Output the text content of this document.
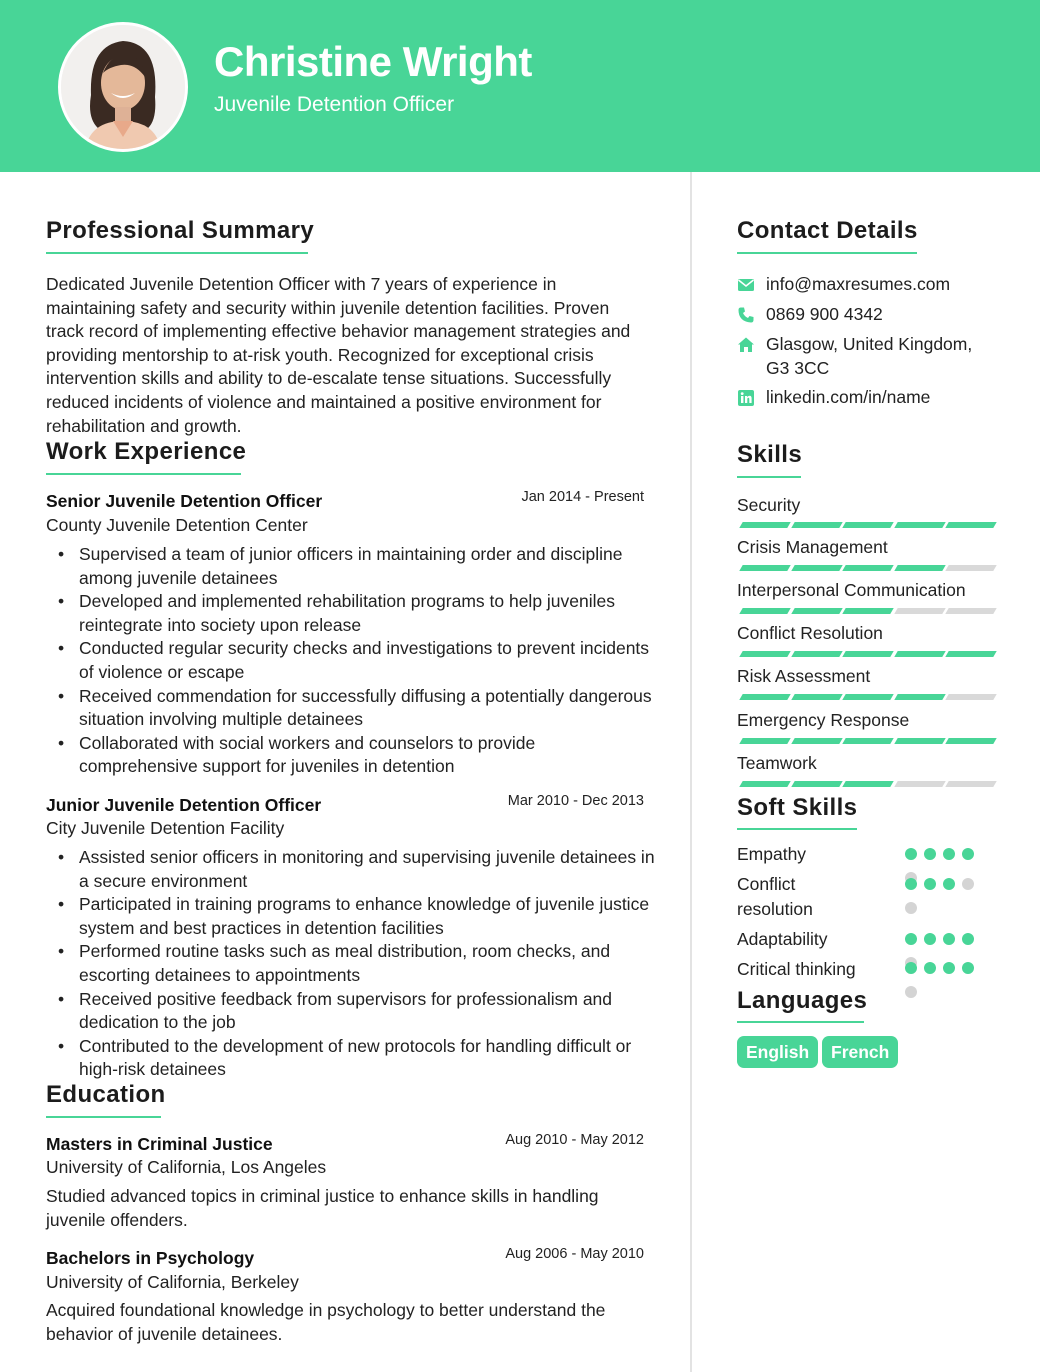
Christine Wright
Juvenile Detention Officer
Professional Summary
Dedicated Juvenile Detention Officer with 7 years of experience in maintaining safety and security within juvenile detention facilities. Proven track record of implementing effective behavior management strategies and providing mentorship to at-risk youth. Recognized for exceptional crisis intervention skills and ability to de-escalate tense situations. Successfully reduced incidents of violence and maintained a positive environment for rehabilitation and growth.
Work Experience
Senior Juvenile Detention Officer	Jan 2014 - Present
County Juvenile Detention Center
• Supervised a team of junior officers in maintaining order and discipline among juvenile detainees
• Developed and implemented rehabilitation programs to help juveniles reintegrate into society upon release
• Conducted regular security checks and investigations to prevent incidents of violence or escape
• Received commendation for successfully diffusing a potentially dangerous situation involving multiple detainees
• Collaborated with social workers and counselors to provide comprehensive support for juveniles in detention
Junior Juvenile Detention Officer	Mar 2010 - Dec 2013
City Juvenile Detention Facility
• Assisted senior officers in monitoring and supervising juvenile detainees in a secure environment
• Participated in training programs to enhance knowledge of juvenile justice system and best practices in detention facilities
• Performed routine tasks such as meal distribution, room checks, and escorting detainees to appointments
• Received positive feedback from supervisors for professionalism and dedication to the job
• Contributed to the development of new protocols for handling difficult or high-risk detainees
Education
Masters in Criminal Justice	Aug 2010 - May 2012
University of California, Los Angeles
Studied advanced topics in criminal justice to enhance skills in handling juvenile offenders.
Bachelors in Psychology	Aug 2006 - May 2010
University of California, Berkeley
Acquired foundational knowledge in psychology to better understand the behavior of juvenile detainees.
Contact Details
info@maxresumes.com
0869 900 4342
Glasgow, United Kingdom, G3 3CC
linkedin.com/in/name
Skills
Security
Crisis Management
Interpersonal Communication
Conflict Resolution
Risk Assessment
Emergency Response
Teamwork
Soft Skills
Empathy
Conflict resolution
Adaptability
Critical thinking
Languages
English	French
